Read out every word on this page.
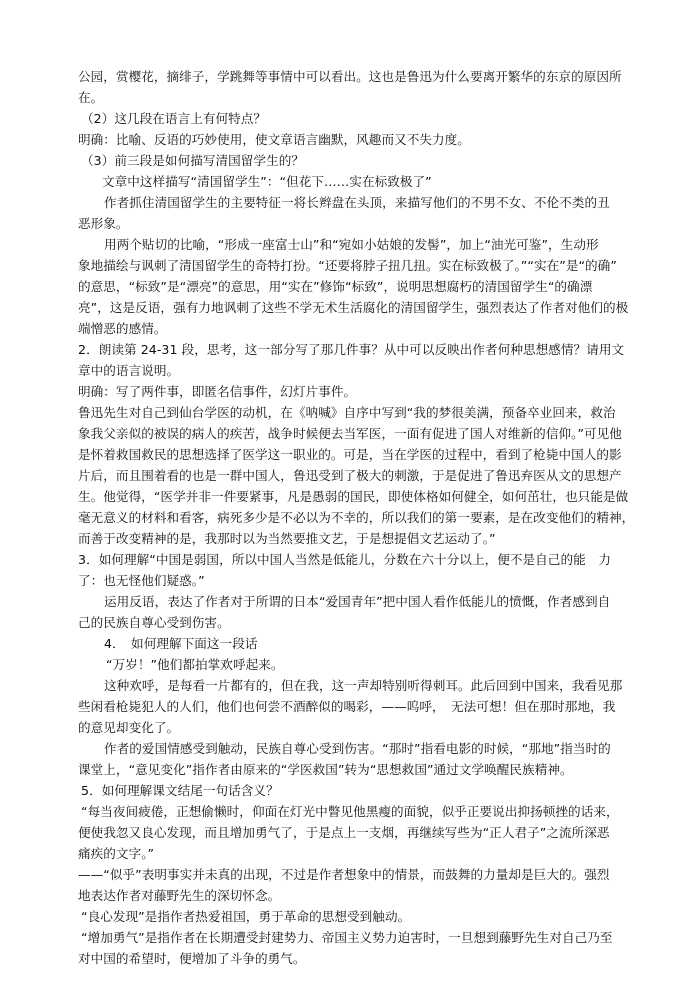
公园，赏樱花，摘绯子，学跳舞等事情中可以看出。这也是鲁迅为什么要离开繁华的东京的原因所
在。
（2）这几段在语言上有何特点？
明确：比喻、反语的巧妙使用，使文章语言幽默，风趣而又不失力度。
（3）前三段是如何描写清国留学生的？
文章中这样描写“清国留学生”：“但花下……实在标致极了”
作者抓住清国留学生的主要特征一将长辫盘在头顶，来描写他们的不男不女、不伦不类的丑
恶形象。
用两个贴切的比喻，“形成一座富士山”和“宛如小姑娘的发髻”，加上“油光可鉴”，生动形
象地描绘与讽刺了清国留学生的奇特打扮。“还要将脖子扭几扭。实在标致极了。”“实在”是“的确”
的意思，“标致”是“漂亮”的意思，用“实在”修饰“标致”，说明思想腐朽的清国留学生“的确漂
亮”，这是反语，强有力地讽刺了这些不学无术生活腐化的清国留学生，强烈表达了作者对他们的极
端憎恶的感情。
2．朗读第 24-31 段，思考，这一部分写了那几件事？从中可以反映出作者何种思想感情？请用文
章中的语言说明。
明确：写了两件事，即匿名信事件，幻灯片事件。
鲁迅先生对自己到仙台学医的动机，在《呐喊》自序中写到“我的梦很美满，预备卒业回来，救治
象我父亲似的被误的病人的疾苦，战争时候便去当军医，一面有促进了国人对维新的信仰。”可见他
是怀着救国救民的思想选择了医学这一职业的。可是，当在学医的过程中，看到了枪毙中国人的影
片后，而且围着看的也是一群中国人，鲁迅受到了极大的刺激，于是促进了鲁迅弃医从文的思想产
生。他觉得，“医学并非一件要紧事，凡是愚弱的国民，即使体格如何健全，如何茁壮，也只能是做
毫无意义的材料和看客，病死多少是不必以为不幸的，所以我们的第一要素，是在改变他们的精神，
而善于改变精神的是，我那时以为当然要推文艺，于是想提倡文艺运动了。”
3．如何理解“中国是弱国，所以中国人当然是低能儿，分数在六十分以上，便不是自己的能　力
了：也无怪他们疑惑。”
运用反语，表达了作者对于所谓的日本“爱国青年”把中国人看作低能儿的愤慨，作者感到自
己的民族自尊心受到伤害。
4．　如何理解下面这一段话
“万岁！”他们都拍掌欢呼起来。
这种欢呼，是每看一片都有的，但在我，这一声却特别听得刺耳。此后回到中国来，我看见那
些闲看枪毙犯人的人们，他们也何尝不酒醉似的喝彩，——呜呼，　无法可想！但在那时那地，我
的意见却变化了。
作者的爱国情感受到触动，民族自尊心受到伤害。“那时”指看电影的时候，“那地”指当时的
课堂上，“意见变化”指作者由原来的“学医救国”转为“思想救国”通过文学唤醒民族精神。
5．如何理解课文结尾一句话含义？
“每当夜间疲倦，正想偷懒时，仰面在灯光中瞥见他黑瘦的面貌，似乎正要说出抑扬顿挫的话来，
便使我忽又良心发现，而且增加勇气了，于是点上一支烟，再继续写些为“正人君子”之流所深恶
痛疾的文字。”
——“似乎”表明事实并未真的出现，不过是作者想象中的情景，而鼓舞的力量却是巨大的。强烈
地表达作者对藤野先生的深切怀念。
“良心发现”是指作者热爱祖国，勇于革命的思想受到触动。
“增加勇气”是指作者在长期遭受封建势力、帝国主义势力迫害时，一旦想到藤野先生对自己乃至
对中国的希望时，便增加了斗争的勇气。
